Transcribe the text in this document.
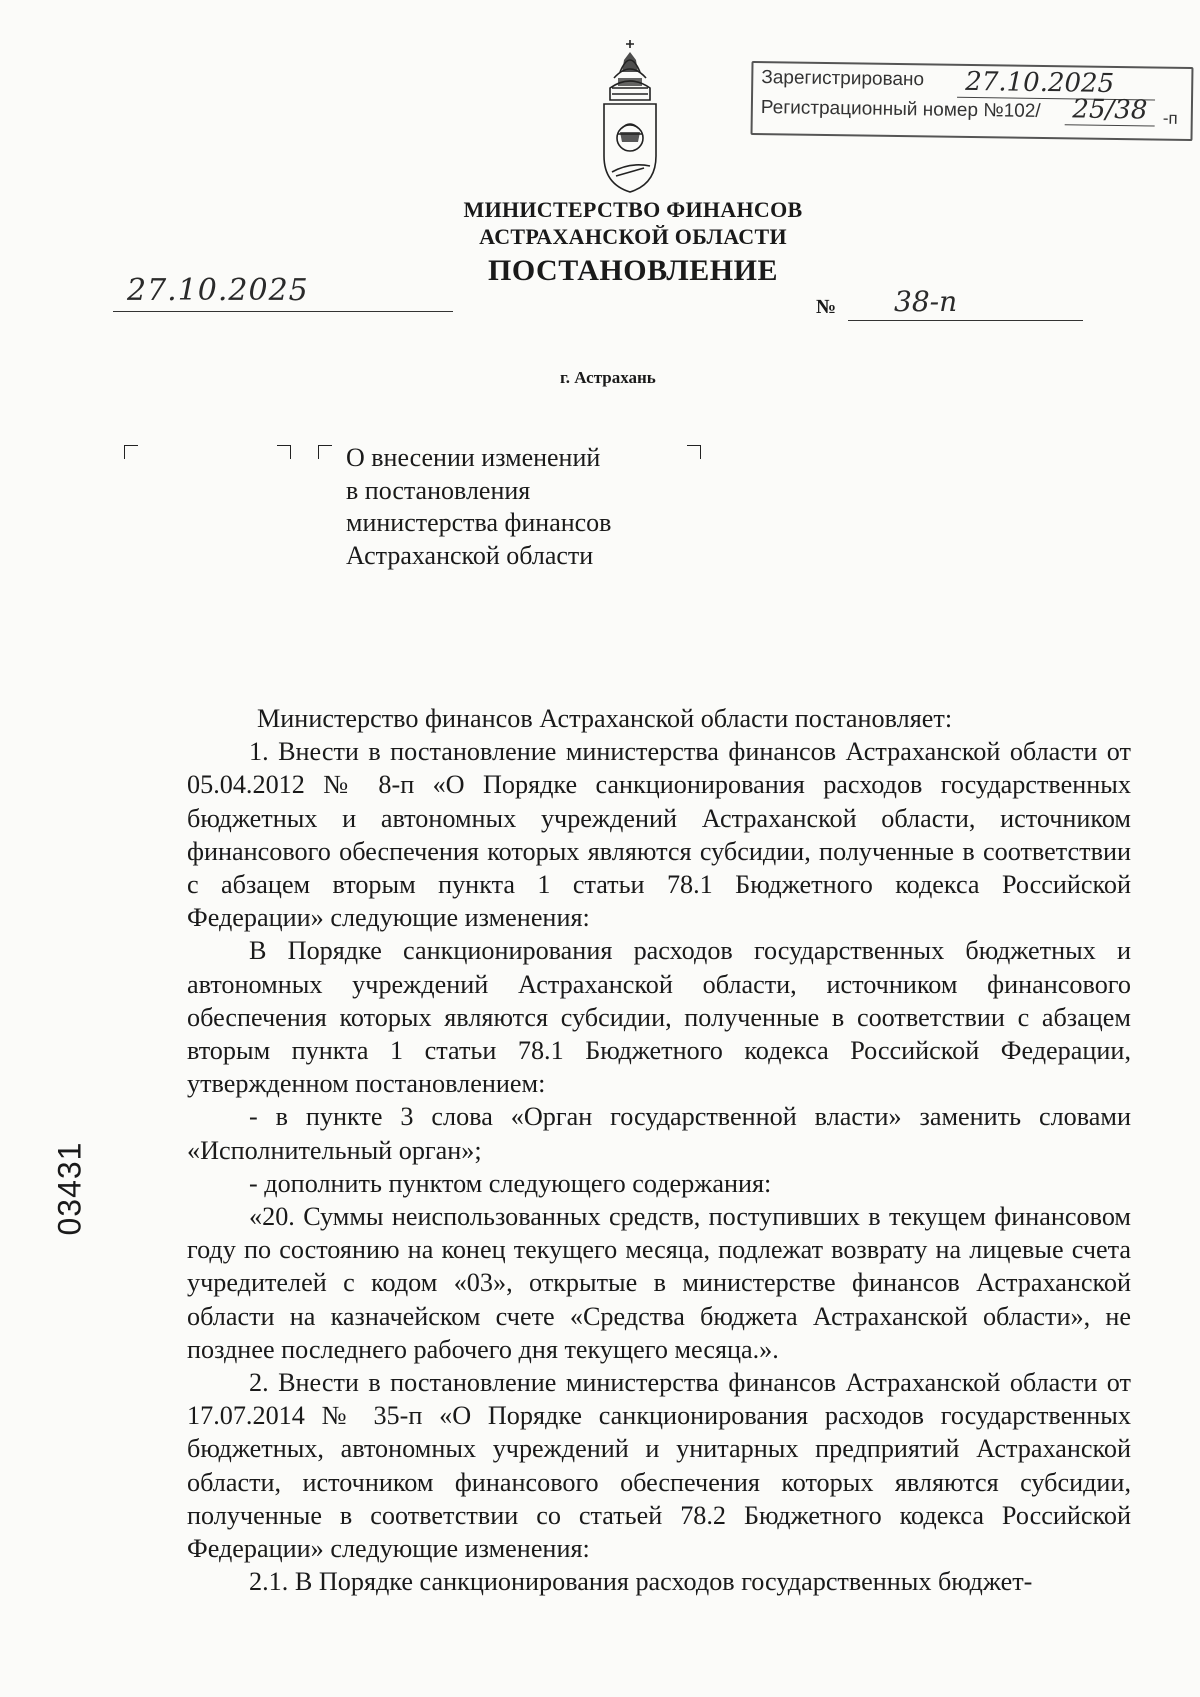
Зарегистрировано	27.10.2025
Регистрационный номер №102/ 25/38 -п
МИНИСТЕРСТВО ФИНАНСОВ
АСТРАХАНСКОЙ ОБЛАСТИ
ПОСТАНОВЛЕНИЕ
27.10.2025	№ 38-п
г. Астрахань
О внесении изменений
в постановления
министерства финансов
Астраханской области

Министерство финансов Астраханской области постановляет:

1. Внести в постановление министерства финансов Астраханской области от 05.04.2012 № 8-п «О Порядке санкционирования расходов государственных бюджетных и автономных учреждений Астраханской области, источником финансового обеспечения которых являются субсидии, полученные в соответствии с абзацем вторым пункта 1 статьи 78.1 Бюджетного кодекса Российской Федерации» следующие изменения:

В Порядке санкционирования расходов государственных бюджетных и автономных учреждений Астраханской области, источником финансового обеспечения которых являются субсидии, полученные в соответствии с абзацем вторым пункта 1 статьи 78.1 Бюджетного кодекса Российской Федерации, утвержденном постановлением:

- в пункте 3 слова «Орган государственной власти» заменить словами «Исполнительный орган»;

- дополнить пунктом следующего содержания:

«20. Суммы неиспользованных средств, поступивших в текущем финансовом году по состоянию на конец текущего месяца, подлежат возврату на лицевые счета учредителей с кодом «03», открытые в министерстве финансов Астраханской области на казначейском счете «Средства бюджета Астраханской области», не позднее последнего рабочего дня текущего месяца.».

2. Внести в постановление министерства финансов Астраханской области от 17.07.2014 № 35-п «О Порядке санкционирования расходов государственных бюджетных, автономных учреждений и унитарных предприятий Астраханской области, источником финансового обеспечения которых являются субсидии, полученные в соответствии со статьей 78.2 Бюджетного кодекса Российской Федерации» следующие изменения:

2.1. В Порядке санкционирования расходов государственных бюджет-

03431
